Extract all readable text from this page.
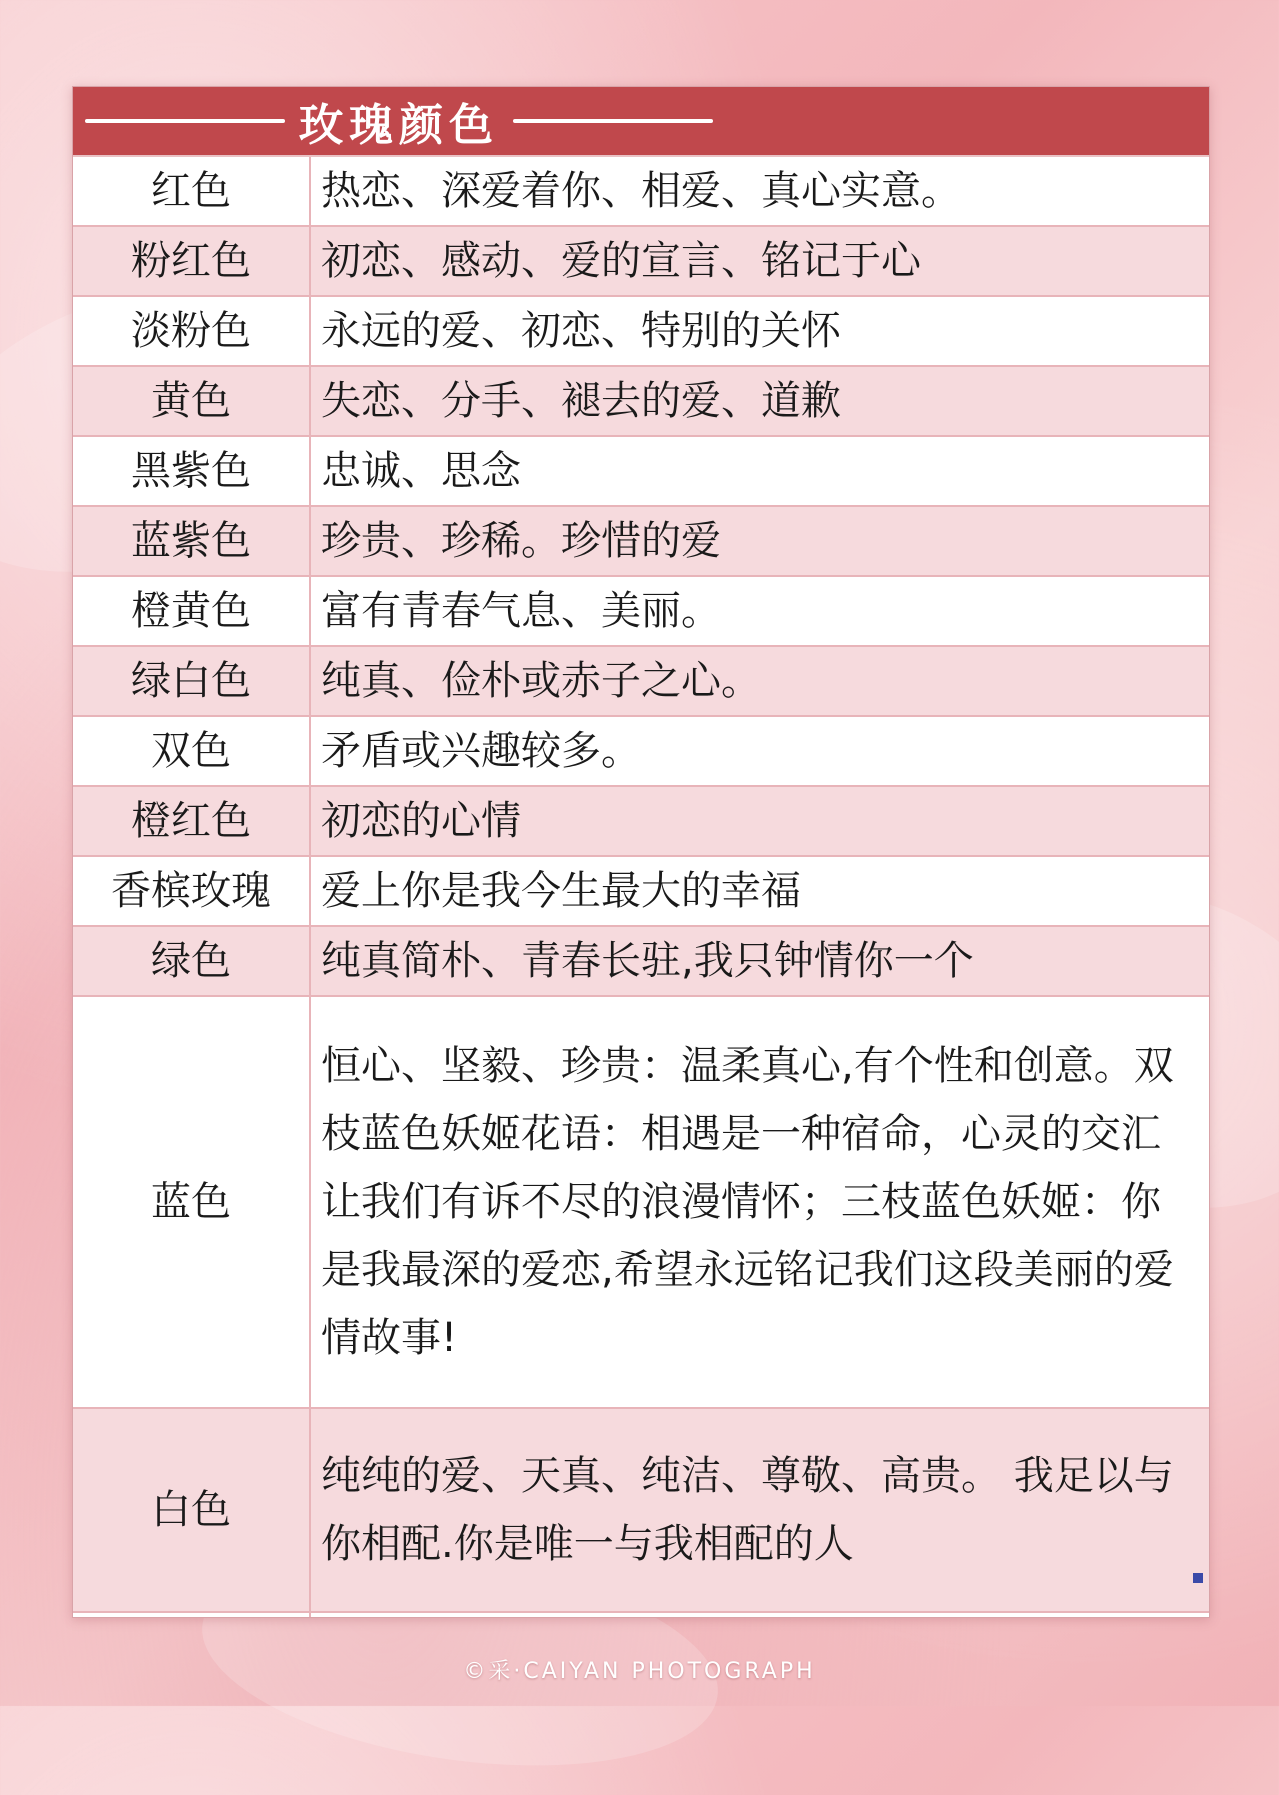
玫瑰颜色
红色	热恋、深爱着你、相爱、真心实意。
粉红色	初恋、感动、爱的宣言、铭记于心
淡粉色	永远的爱、初恋、特别的关怀
黄色	失恋、分手、褪去的爱、道歉
黑紫色	忠诚、思念
蓝紫色	珍贵、珍稀。珍惜的爱
橙黄色	富有青春气息、美丽。
绿白色	纯真、俭朴或赤子之心。
双色	矛盾或兴趣较多。
橙红色	初恋的心情
香槟玫瑰	爱上你是我今生最大的幸福
绿色	纯真简朴、青春长驻,我只钟情你一个
蓝色	恒心、坚毅、珍贵：温柔真心,有个性和创意。双枝蓝色妖姬花语：相遇是一种宿命，心灵的交汇让我们有诉不尽的浪漫情怀；三枝蓝色妖姬：你是我最深的爱恋,希望永远铭记我们这段美丽的爱情故事!
白色	纯纯的爱、天真、纯洁、尊敬、高贵。 我足以与你相配.你是唯一与我相配的人
©采·CAIYAN PHOTOGRAPH
